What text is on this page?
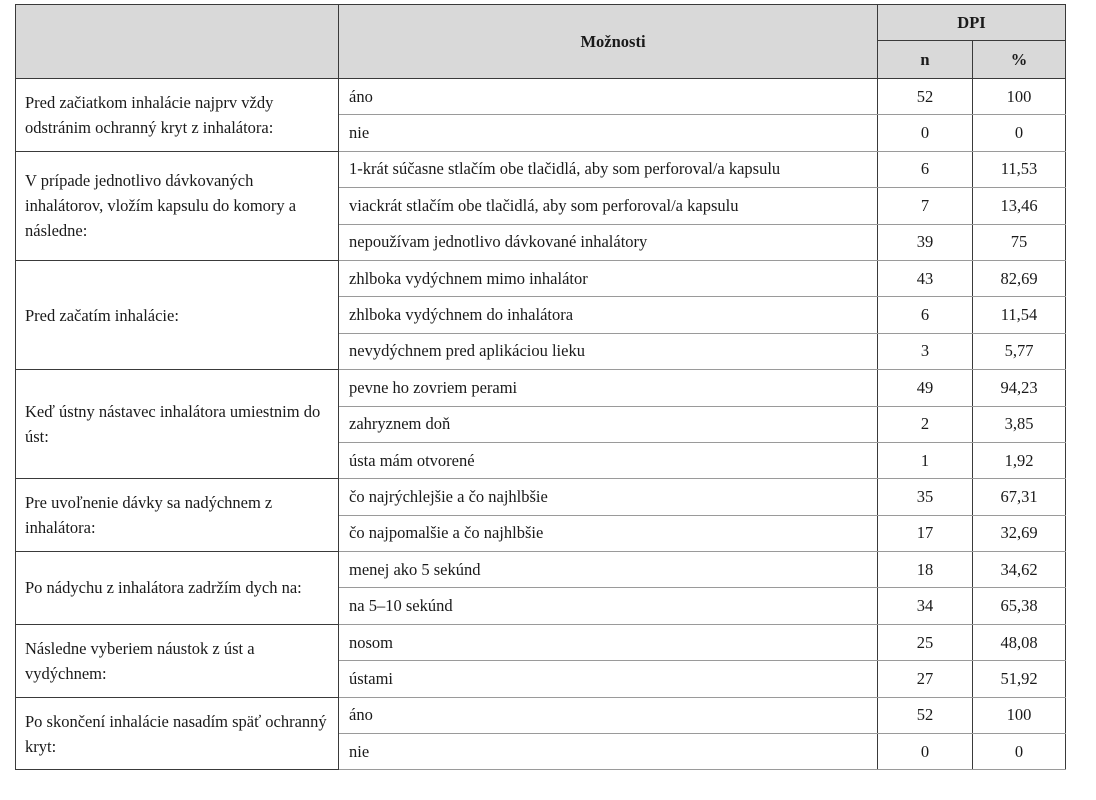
	Možnosti	DPI	
		n	%
Pred začiatkom inhalácie najprv vždy odstránim ochranný kryt z inhalátora:	áno	52	100
	nie	0	0
V prípade jednotlivo dávkovaných inhalátorov, vložím kapsulu do komory a následne:	1-krát súčasne stlačím obe tlačidlá, aby som perforoval/a kapsulu	6	11,53
	viackrát stlačím obe tlačidlá, aby som perforoval/a kapsulu	7	13,46
	nepoužívam jednotlivo dávkované inhalátory	39	75
Pred začatím inhalácie:	zhlboka vydýchnem mimo inhalátor	43	82,69
	zhlboka vydýchnem do inhalátora	6	11,54
	nevydýchnem pred aplikáciou lieku	3	5,77
Keď ústny nástavec inhalátora umiestnim do úst:	pevne ho zovriem perami	49	94,23
	zahryznem doň	2	3,85
	ústa mám otvorené	1	1,92
Pre uvoľnenie dávky sa nadýchnem z inhalátora:	čo najrýchlejšie a čo najhlbšie	35	67,31
	čo najpomalšie a čo najhlbšie	17	32,69
Po nádychu z inhalátora zadržím dych na:	menej ako 5 sekúnd	18	34,62
	na 5–10 sekúnd	34	65,38
Následne vyberiem náustok z úst a vydýchnem:	nosom	25	48,08
	ústami	27	51,92
Po skončení inhalácie nasadím späť ochranný kryt:	áno	52	100
	nie	0	0
